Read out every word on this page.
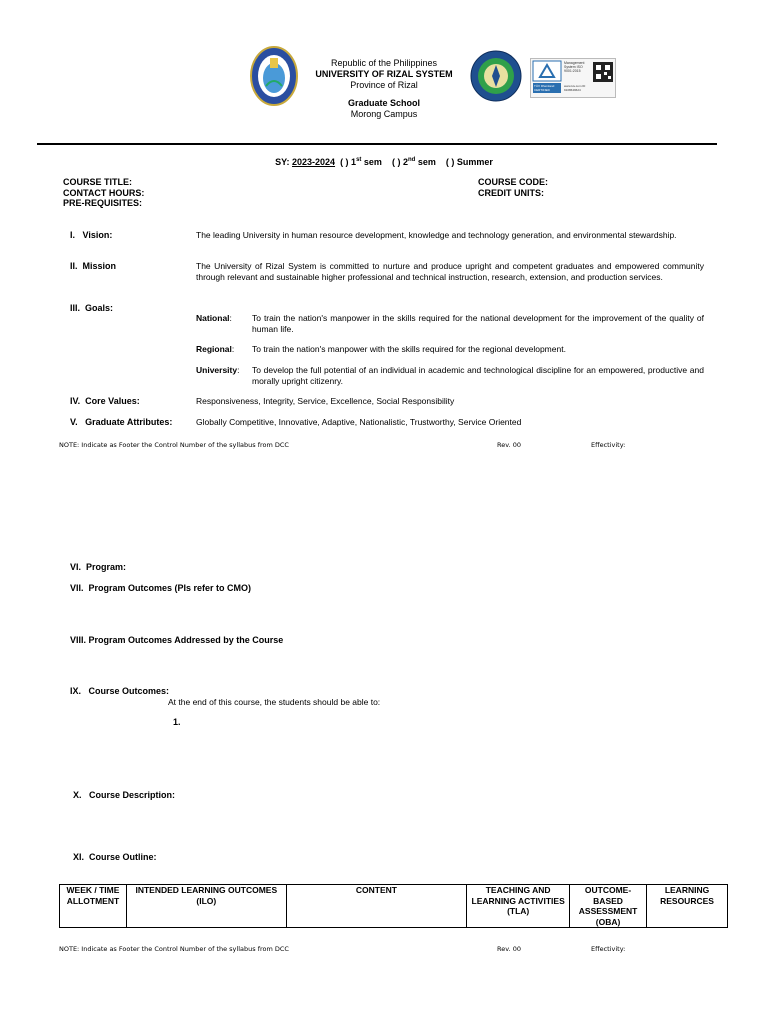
Republic of the Philippines
UNIVERSITY OF RIZAL SYSTEM
Province of Rizal
Graduate School
Morong Campus
Management System ISO 9001:2015
TÜV Rheinland CERTIFIED
www.tuv.com ID 9108649624
SY: 2023-2024 ( ) 1st sem ( ) 2nd sem ( ) Summer
COURSE TITLE:
CONTACT HOURS:
PRE-REQUISITES:
COURSE CODE:
CREDIT UNITS:
I.   Vision:	The leading University in human resource development, knowledge and technology generation, and environmental stewardship.
II.  Mission	The University of Rizal System is committed to nurture and produce upright and competent graduates and empowered community through relevant and sustainable higher professional and technical instruction, research, extension, and production services.
III.  Goals:
National: To train the nation's manpower in the skills required for the national development for the improvement of the quality of human life.
Regional: To train the nation's manpower with the skills required for the regional development.
University: To develop the full potential of an individual in academic and technological discipline for an empowered, productive and morally upright citizenry.
IV.  Core Values:	Responsiveness, Integrity, Service, Excellence, Social Responsibility
V.   Graduate Attributes:	Globally Competitive, Innovative, Adaptive, Nationalistic, Trustworthy, Service Oriented
NOTE: Indicate as Footer the Control Number of the syllabus from DCC	Rev. 00	Effectivity:
VI.  Program:
VII.  Program Outcomes (PIs refer to CMO)
VIII. Program Outcomes Addressed by the Course
IX.   Course Outcomes:
At the end of this course, the students should be able to:
1.
X.   Course Description:
XI.  Course Outline:
WEEK / TIME ALLOTMENT	INTENDED LEARNING OUTCOMES (ILO)	CONTENT	TEACHING AND LEARNING ACTIVITIES (TLA)	OUTCOME-BASED ASSESSMENT (OBA)	LEARNING RESOURCES
NOTE: Indicate as Footer the Control Number of the syllabus from DCC	Rev. 00	Effectivity:
